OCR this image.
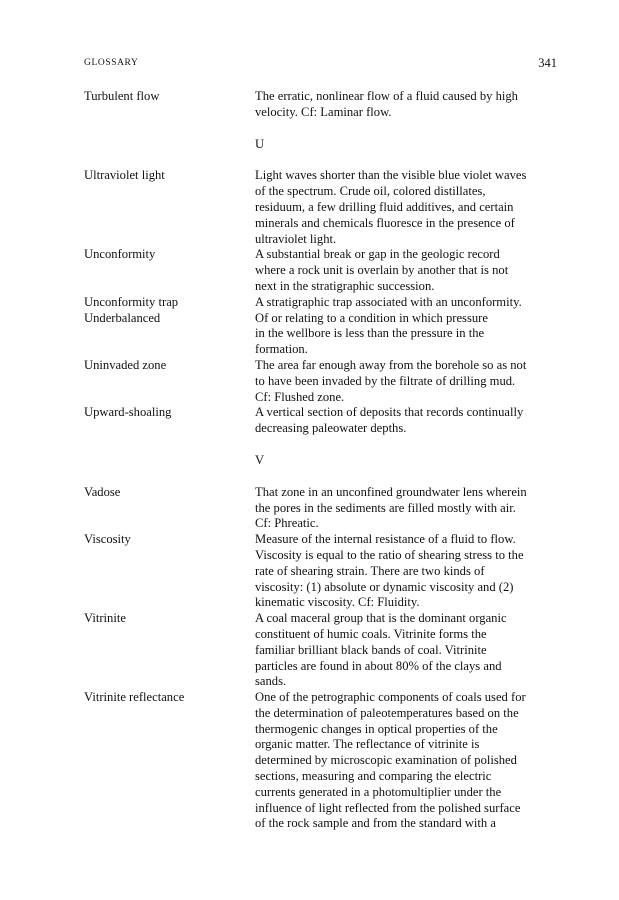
GLOSSARY	341
Turbulent flow	The erratic, nonlinear flow of a fluid caused by high
velocity. Cf: Laminar flow.
U
Ultraviolet light	Light waves shorter than the visible blue violet waves
of the spectrum. Crude oil, colored distillates,
residuum, a few drilling fluid additives, and certain
minerals and chemicals fluoresce in the presence of
ultraviolet light.
Unconformity	A substantial break or gap in the geologic record
where a rock unit is overlain by another that is not
next in the stratigraphic succession.
Unconformity trap	A stratigraphic trap associated with an unconformity.
Underbalanced	Of or relating to a condition in which pressure
in the wellbore is less than the pressure in the
formation.
Uninvaded zone	The area far enough away from the borehole so as not
to have been invaded by the filtrate of drilling mud.
Cf: Flushed zone.
Upward-shoaling	A vertical section of deposits that records continually
decreasing paleowater depths.
V
Vadose	That zone in an unconfined groundwater lens wherein
the pores in the sediments are filled mostly with air.
Cf: Phreatic.
Viscosity	Measure of the internal resistance of a fluid to flow.
Viscosity is equal to the ratio of shearing stress to the
rate of shearing strain. There are two kinds of
viscosity: (1) absolute or dynamic viscosity and (2)
kinematic viscosity. Cf: Fluidity.
Vitrinite	A coal maceral group that is the dominant organic
constituent of humic coals. Vitrinite forms the
familiar brilliant black bands of coal. Vitrinite
particles are found in about 80% of the clays and
sands.
Vitrinite reflectance	One of the petrographic components of coals used for
the determination of paleotemperatures based on the
thermogenic changes in optical properties of the
organic matter. The reflectance of vitrinite is
determined by microscopic examination of polished
sections, measuring and comparing the electric
currents generated in a photomultiplier under the
influence of light reflected from the polished surface
of the rock sample and from the standard with a
